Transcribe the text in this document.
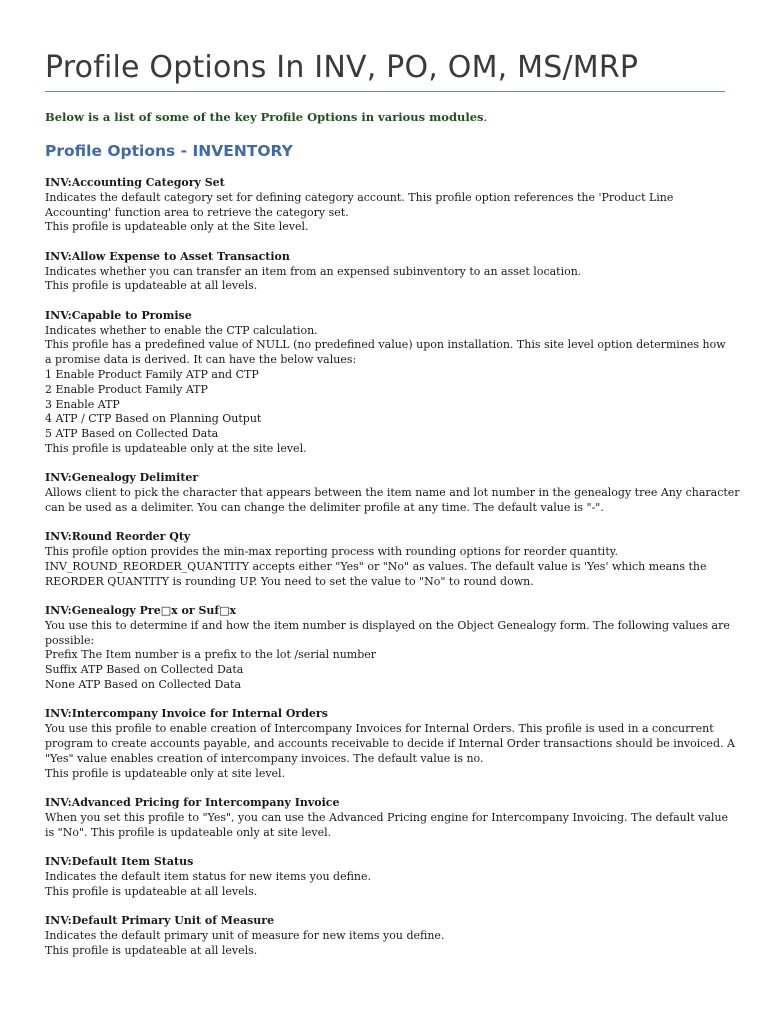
Profile Options In INV, PO, OM, MS/MRP
Below is a list of some of the key Profile Options in various modules.
Profile Options - INVENTORY
INV:Accounting Category Set
Indicates the default category set for defining category account. This profile option references the 'Product Line
Accounting' function area to retrieve the category set.
This profile is updateable only at the Site level.
INV:Allow Expense to Asset Transaction
Indicates whether you can transfer an item from an expensed subinventory to an asset location.
This profile is updateable at all levels.
INV:Capable to Promise
Indicates whether to enable the CTP calculation.
This profile has a predefined value of NULL (no predefined value) upon installation. This site level option determines how
a promise data is derived. It can have the below values:
1 Enable Product Family ATP and CTP
2 Enable Product Family ATP
3 Enable ATP
4 ATP / CTP Based on Planning Output
5 ATP Based on Collected Data
This profile is updateable only at the site level.
INV:Genealogy Delimiter
Allows client to pick the character that appears between the item name and lot number in the genealogy tree Any character
can be used as a delimiter. You can change the delimiter profile at any time. The default value is "-".
INV:Round Reorder Qty
This profile option provides the min-max reporting process with rounding options for reorder quantity.
INV_ROUND_REORDER_QUANTITY accepts either "Yes" or "No" as values. The default value is 'Yes' which means the
REORDER QUANTITY is rounding UP. You need to set the value to "No" to round down.
INV:Genealogy Pre□x or Suf□x
You use this to determine if and how the item number is displayed on the Object Genealogy form. The following values are
possible:
Prefix The Item number is a prefix to the lot /serial number
Suffix ATP Based on Collected Data
None ATP Based on Collected Data
INV:Intercompany Invoice for Internal Orders
You use this profile to enable creation of Intercompany Invoices for Internal Orders. This profile is used in a concurrent
program to create accounts payable, and accounts receivable to decide if Internal Order transactions should be invoiced. A
"Yes" value enables creation of intercompany invoices. The default value is no.
This profile is updateable only at site level.
INV:Advanced Pricing for Intercompany Invoice
When you set this profile to "Yes", you can use the Advanced Pricing engine for Intercompany Invoicing. The default value
is "No". This profile is updateable only at site level.
INV:Default Item Status
Indicates the default item status for new items you define.
This profile is updateable at all levels.
INV:Default Primary Unit of Measure
Indicates the default primary unit of measure for new items you define.
This profile is updateable at all levels.
